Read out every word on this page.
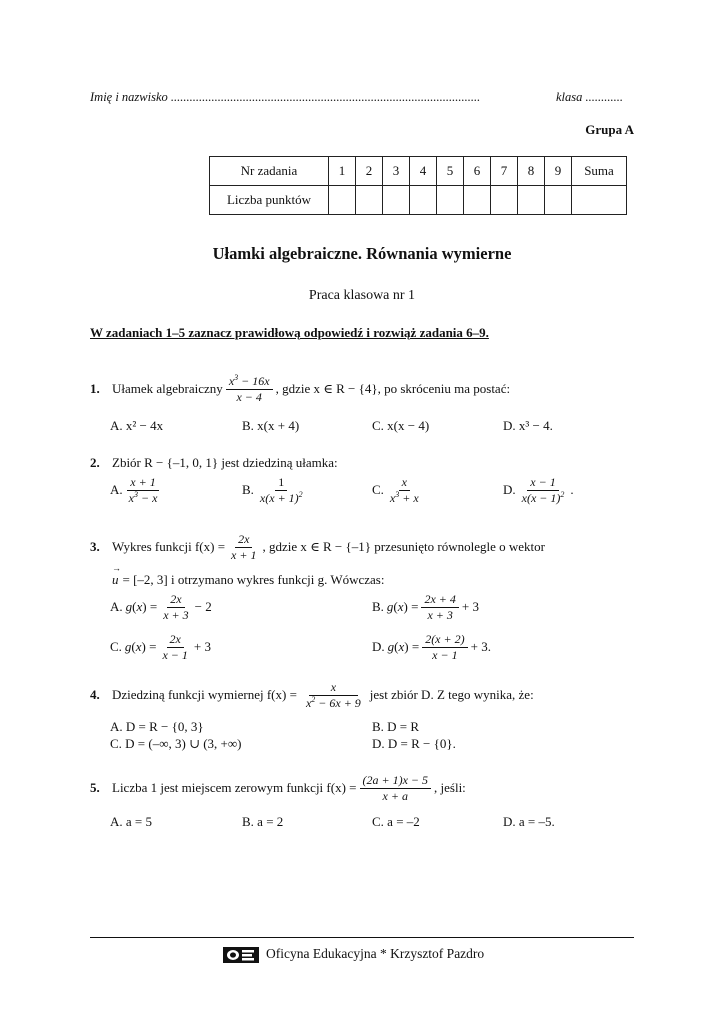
Imię i nazwisko ...................................................................................................	klasa ............
Grupa A
Nr zadania	1	2	3	4	5	6	7	8	9	Suma
Liczba punktów										
Ułamki algebraiczne. Równania wymierne
Praca klasowa nr 1
W zadaniach 1–5 zaznacz prawidłową odpowiedź i rozwiąż zadania 6–9.
1. Ułamek algebraiczny $\frac{x^3 - 16x}{x - 4}$ , gdzie x ∈ R − {4}, po skróceniu ma postać:
A. x² − 4x	B. x(x + 4)	C. x(x − 4)	D. x³ − 4.
2. Zbiór R − {–1, 0, 1} jest dziedziną ułamka:
A. $\frac{x + 1}{x^3 - x}$	B. $\frac{1}{x(x + 1)^2}$	C. $\frac{x}{x^3 + x}$	D. $\frac{x - 1}{x(x - 1)^2}$ .
3. Wykres funkcji $f(x) = \frac{2x}{x + 1}$ , gdzie x ∈ R − {–1} przesunięto równolegle o wektor
u
→
= [–2, 3] i otrzymano wykres funkcji g. Wówczas:
A. g ( x ) = $\frac{2x}{x + 3} - 2$	B. g ( x ) = $\frac{2x + 4}{x + 3} + 3$
C. g ( x ) = $\frac{2x}{x - 1} + 3$	D. g ( x ) = $\frac{2(x + 2)}{x - 1} + 3$.
4. Dziedziną funkcji wymiernej $f(x) = \frac{x}{x^2 - 6x + 9}$ jest zbiór D. Z tego wynika, że:
A. D = R − {0, 3}	B. D = R
C. D = (–∞, 3) ∪ (3, +∞)	D. D = R − {0}.
5. Liczba 1 jest miejscem zerowym funkcji $f(x) = \frac{(2a + 1)x - 5}{x + a}$ , jeśli:
A. a = 5	B. a = 2	C. a = –2	D. a = –5.
Oficyna Edukacyjna * Krzysztof Pazdro
